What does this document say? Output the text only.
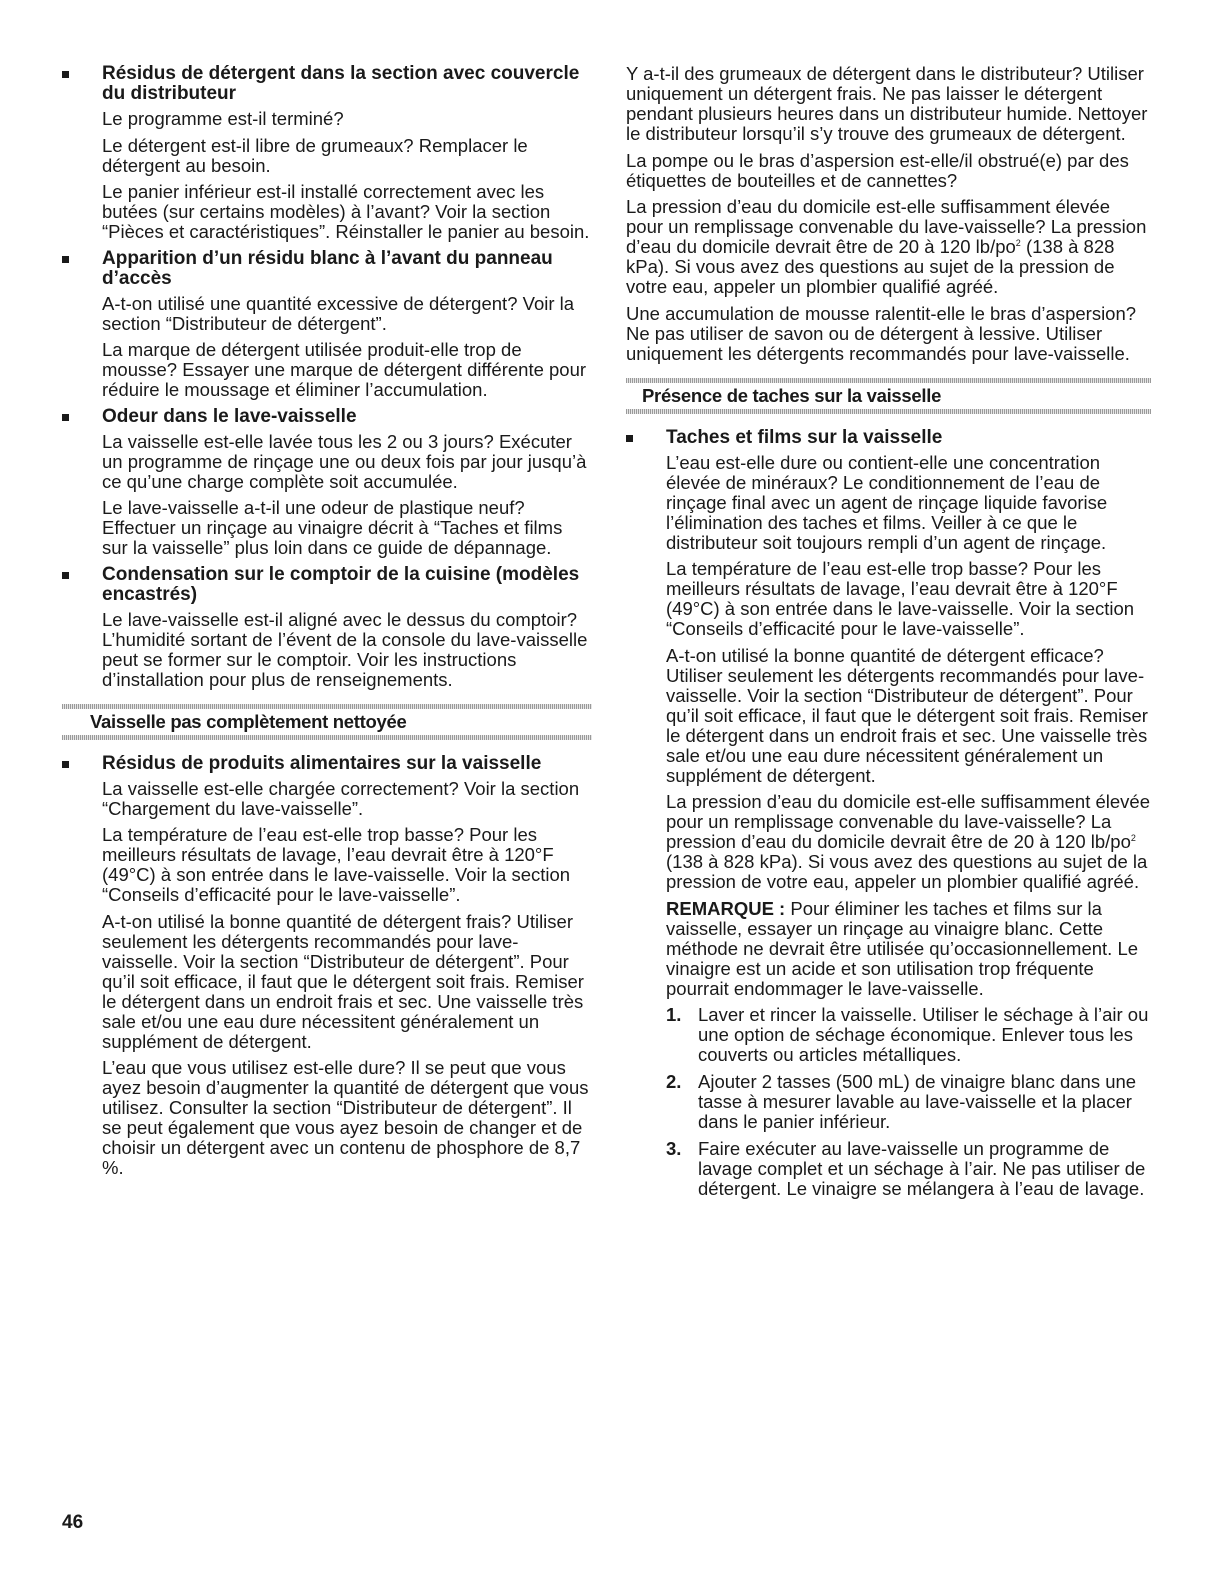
Résidus de détergent dans la section avec couvercle du distributeur

Le programme est-il terminé?

Le détergent est-il libre de grumeaux? Remplacer le détergent au besoin.

Le panier inférieur est-il installé correctement avec les butées (sur certains modèles) à l’avant? Voir la section “Pièces et caractéristiques”. Réinstaller le panier au besoin.

Apparition d’un résidu blanc à l’avant du panneau d’accès

A-t-on utilisé une quantité excessive de détergent? Voir la section “Distributeur de détergent”.

La marque de détergent utilisée produit-elle trop de mousse? Essayer une marque de détergent différente pour réduire le moussage et éliminer l’accumulation.

Odeur dans le lave-vaisselle

La vaisselle est-elle lavée tous les 2 ou 3 jours? Exécuter un programme de rinçage une ou deux fois par jour jusqu’à ce qu’une charge complète soit accumulée.

Le lave-vaisselle a-t-il une odeur de plastique neuf? Effectuer un rinçage au vinaigre décrit à “Taches et films sur la vaisselle” plus loin dans ce guide de dépannage.

Condensation sur le comptoir de la cuisine (modèles encastrés)

Le lave-vaisselle est-il aligné avec le dessus du comptoir? L’humidité sortant de l’évent de la console du lave-vaisselle peut se former sur le comptoir. Voir les instructions d’installation pour plus de renseignements.

Vaisselle pas complètement nettoyée
Résidus de produits alimentaires sur la vaisselle

La vaisselle est-elle chargée correctement? Voir la section “Chargement du lave-vaisselle”.

La température de l’eau est-elle trop basse? Pour les meilleurs résultats de lavage, l’eau devrait être à 120°F (49°C) à son entrée dans le lave-vaisselle. Voir la section “Conseils d’efficacité pour le lave-vaisselle”.

A-t-on utilisé la bonne quantité de détergent frais? Utiliser seulement les détergents recommandés pour lave-vaisselle. Voir la section “Distributeur de détergent”. Pour qu’il soit efficace, il faut que le détergent soit frais. Remiser le détergent dans un endroit frais et sec. Une vaisselle très sale et/ou une eau dure nécessitent généralement un supplément de détergent.

L’eau que vous utilisez est-elle dure? Il se peut que vous ayez besoin d’augmenter la quantité de détergent que vous utilisez. Consulter la section “Distributeur de détergent”. Il se peut également que vous ayez besoin de changer et de choisir un détergent avec un contenu de phosphore de 8,7 %.

Y a-t-il des grumeaux de détergent dans le distributeur? Utiliser uniquement un détergent frais. Ne pas laisser le détergent pendant plusieurs heures dans un distributeur humide. Nettoyer le distributeur lorsqu’il s’y trouve des grumeaux de détergent.

La pompe ou le bras d’aspersion est-elle/il obstrué(e) par des étiquettes de bouteilles et de cannettes?

La pression d’eau du domicile est-elle suffisamment élevée pour un remplissage convenable du lave-vaisselle? La pression d’eau du domicile devrait être de 20 à 120 $lb/po^2$ (138 à 828 kPa). Si vous avez des questions au sujet de la pression de votre eau, appeler un plombier qualifié agréé.

Une accumulation de mousse ralentit-elle le bras d’aspersion? Ne pas utiliser de savon ou de détergent à lessive. Utiliser uniquement les détergents recommandés pour lave-vaisselle.

Présence de taches sur la vaisselle
Taches et films sur la vaisselle

L’eau est-elle dure ou contient-elle une concentration élevée de minéraux? Le conditionnement de l’eau de rinçage final avec un agent de rinçage liquide favorise l’élimination des taches et films. Veiller à ce que le distributeur soit toujours rempli d’un agent de rinçage.

La température de l’eau est-elle trop basse? Pour les meilleurs résultats de lavage, l’eau devrait être à 120°F (49°C) à son entrée dans le lave-vaisselle. Voir la section “Conseils d’efficacité pour le lave-vaisselle”.

A-t-on utilisé la bonne quantité de détergent efficace? Utiliser seulement les détergents recommandés pour lave-vaisselle. Voir la section “Distributeur de détergent”. Pour qu’il soit efficace, il faut que le détergent soit frais. Remiser le détergent dans un endroit frais et sec. Une vaisselle très sale et/ou une eau dure nécessitent généralement un supplément de détergent.

La pression d’eau du domicile est-elle suffisamment élevée pour un remplissage convenable du lave-vaisselle? La pression d’eau du domicile devrait être de 20 à 120 $lb/po^2$ (138 à 828 kPa). Si vous avez des questions au sujet de la pression de votre eau, appeler un plombier qualifié agréé.

REMARQUE : Pour éliminer les taches et films sur la vaisselle, essayer un rinçage au vinaigre blanc. Cette méthode ne devrait être utilisée qu’occasionnellement. Le vinaigre est un acide et son utilisation trop fréquente pourrait endommager le lave-vaisselle.

1. Laver et rincer la vaisselle. Utiliser le séchage à l’air ou une option de séchage économique. Enlever tous les couverts ou articles métalliques.
2. Ajouter 2 tasses (500 mL) de vinaigre blanc dans une tasse à mesurer lavable au lave-vaisselle et la placer dans le panier inférieur.
3. Faire exécuter au lave-vaisselle un programme de lavage complet et un séchage à l’air. Ne pas utiliser de détergent. Le vinaigre se mélangera à l’eau de lavage.
46
